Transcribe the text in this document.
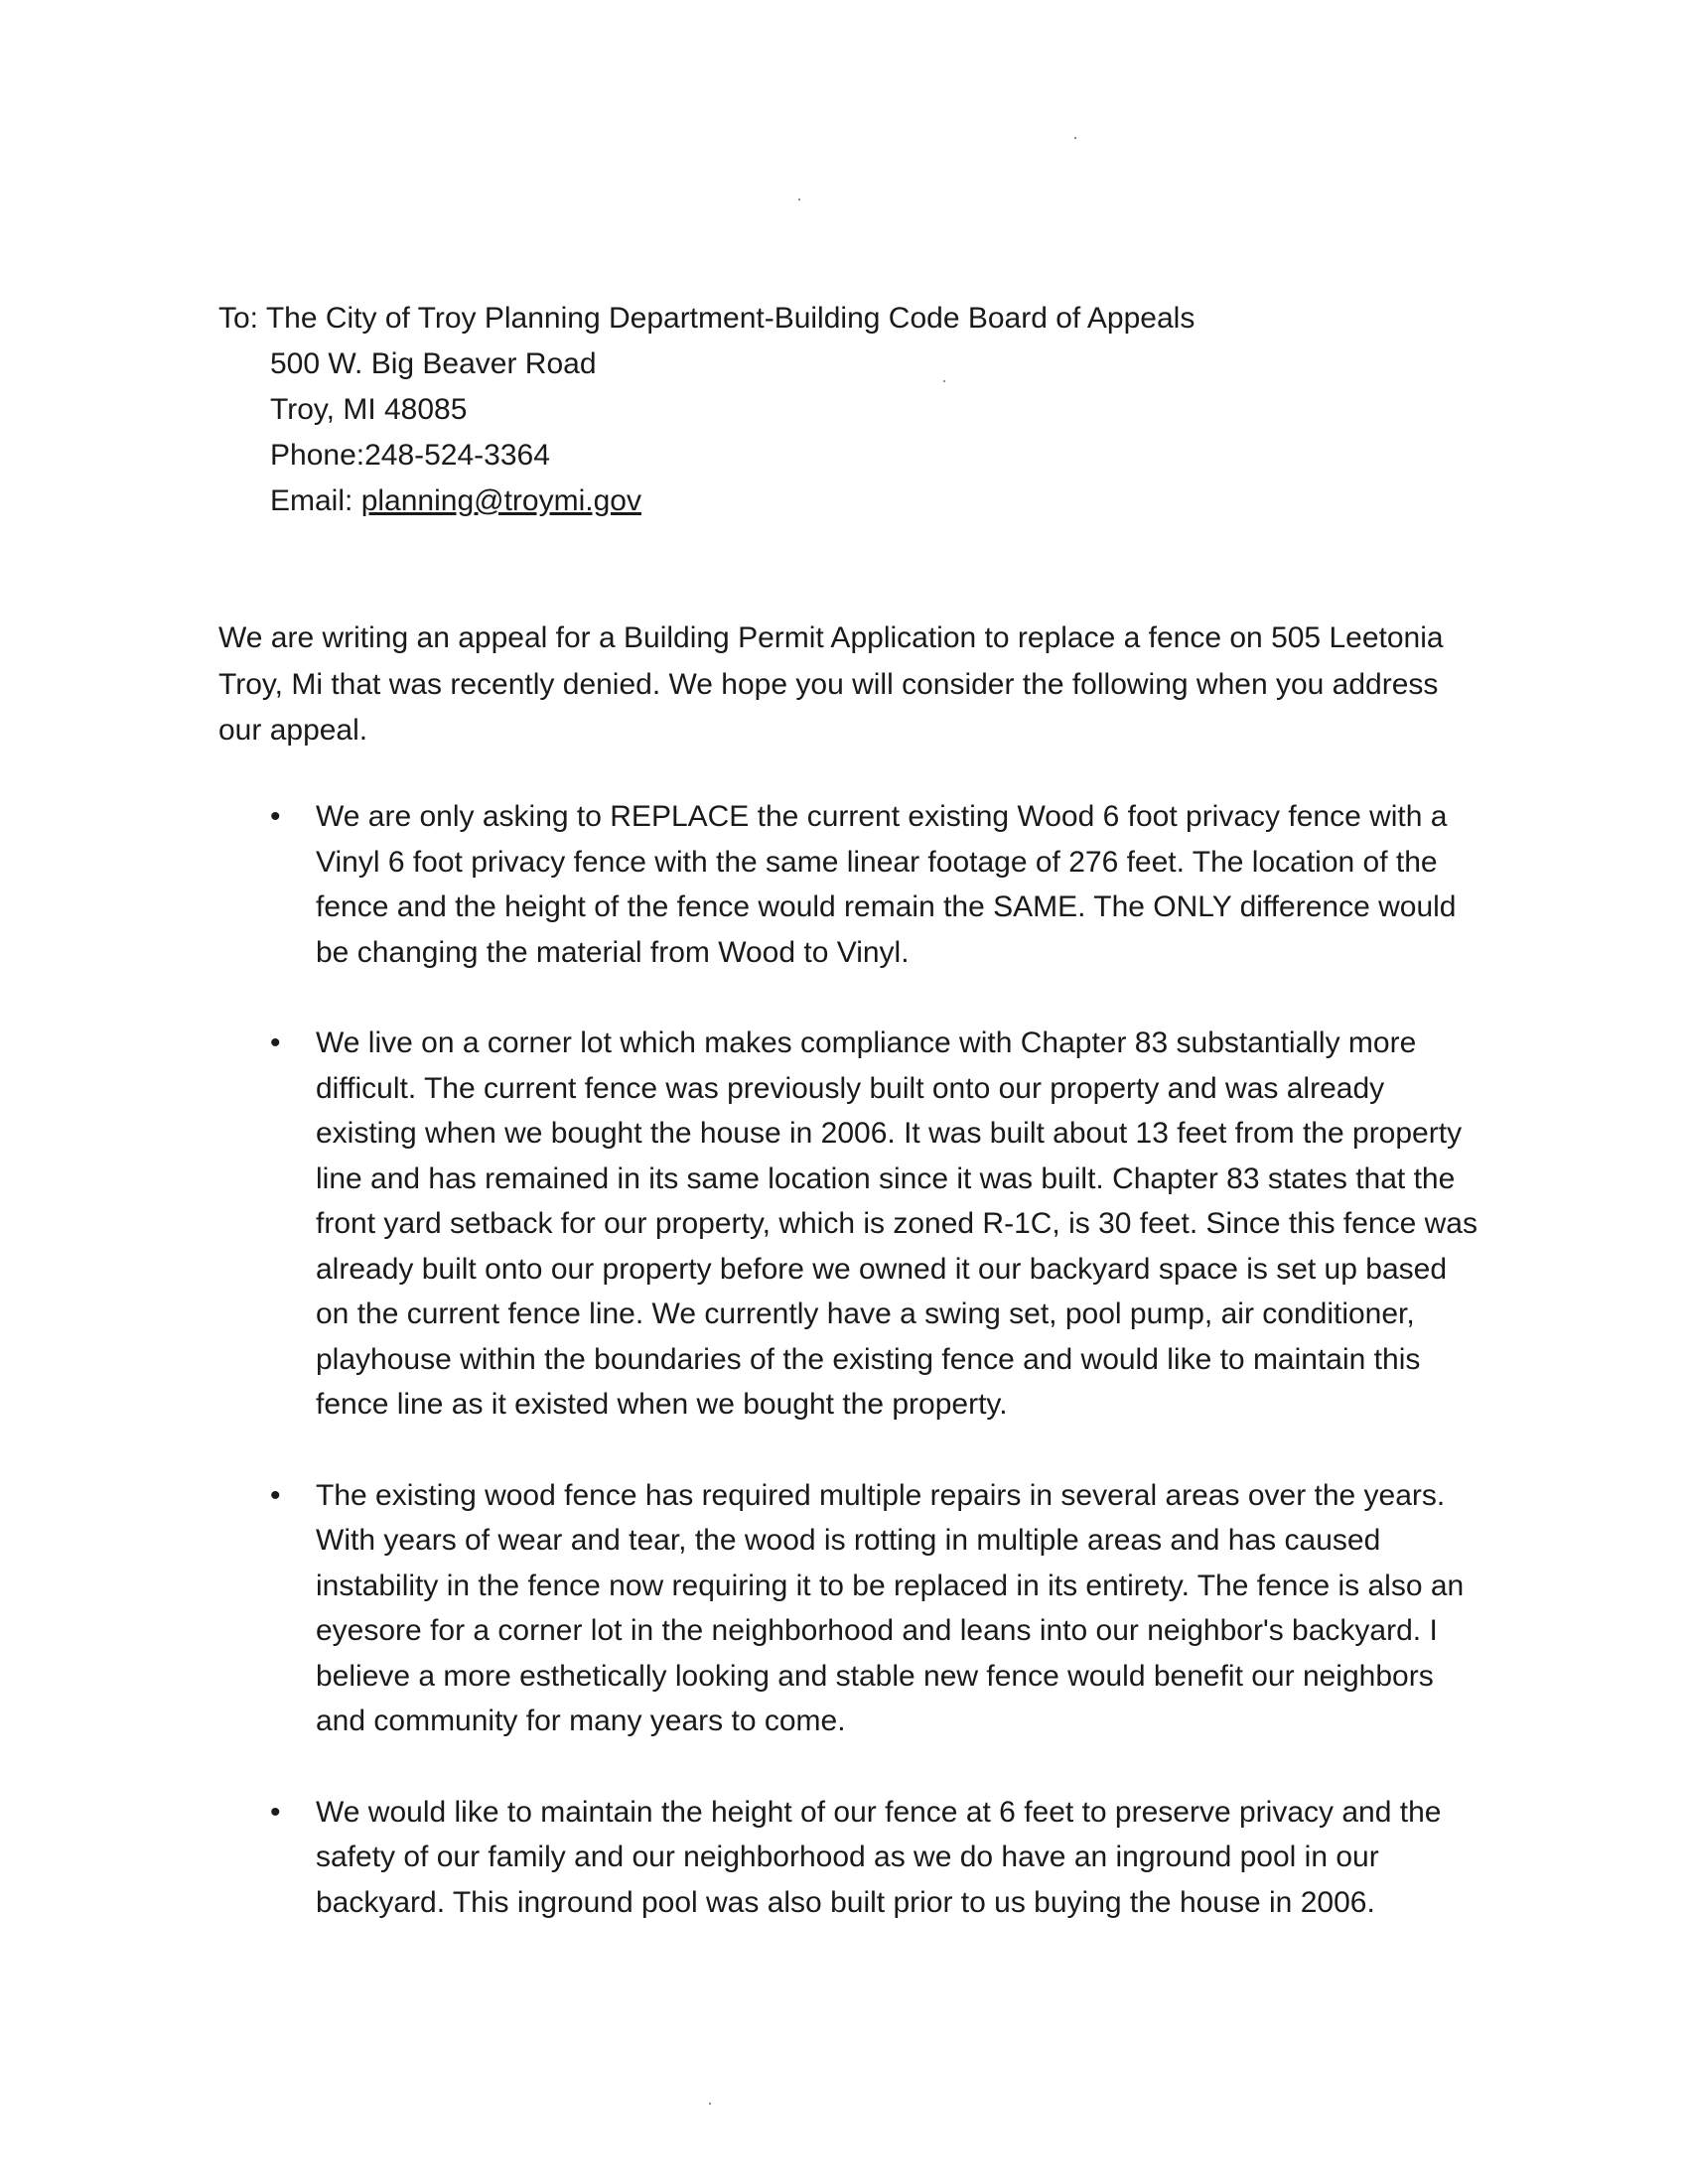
To: The City of Troy Planning Department-Building Code Board of Appeals
500 W. Big Beaver Road
Troy, MI 48085
Phone:248-524-3364
Email: planning@troymi.gov

We are writing an appeal for a Building Permit Application to replace a fence on 505 Leetonia Troy, Mi that was recently denied. We hope you will consider the following when you address our appeal.

• We are only asking to REPLACE the current existing Wood 6 foot privacy fence with a Vinyl 6 foot privacy fence with the same linear footage of 276 feet. The location of the fence and the height of the fence would remain the SAME. The ONLY difference would be changing the material from Wood to Vinyl.
• We live on a corner lot which makes compliance with Chapter 83 substantially more difficult. The current fence was previously built onto our property and was already existing when we bought the house in 2006. It was built about 13 feet from the property line and has remained in its same location since it was built. Chapter 83 states that the front yard setback for our property, which is zoned R-1C, is 30 feet. Since this fence was already built onto our property before we owned it our backyard space is set up based on the current fence line. We currently have a swing set, pool pump, air conditioner, playhouse within the boundaries of the existing fence and would like to maintain this fence line as it existed when we bought the property.
• The existing wood fence has required multiple repairs in several areas over the years. With years of wear and tear, the wood is rotting in multiple areas and has caused instability in the fence now requiring it to be replaced in its entirety. The fence is also an eyesore for a corner lot in the neighborhood and leans into our neighbor's backyard. I believe a more esthetically looking and stable new fence would benefit our neighbors and community for many years to come.
• We would like to maintain the height of our fence at 6 feet to preserve privacy and the safety of our family and our neighborhood as we do have an inground pool in our backyard. This inground pool was also built prior to us buying the house in 2006.
